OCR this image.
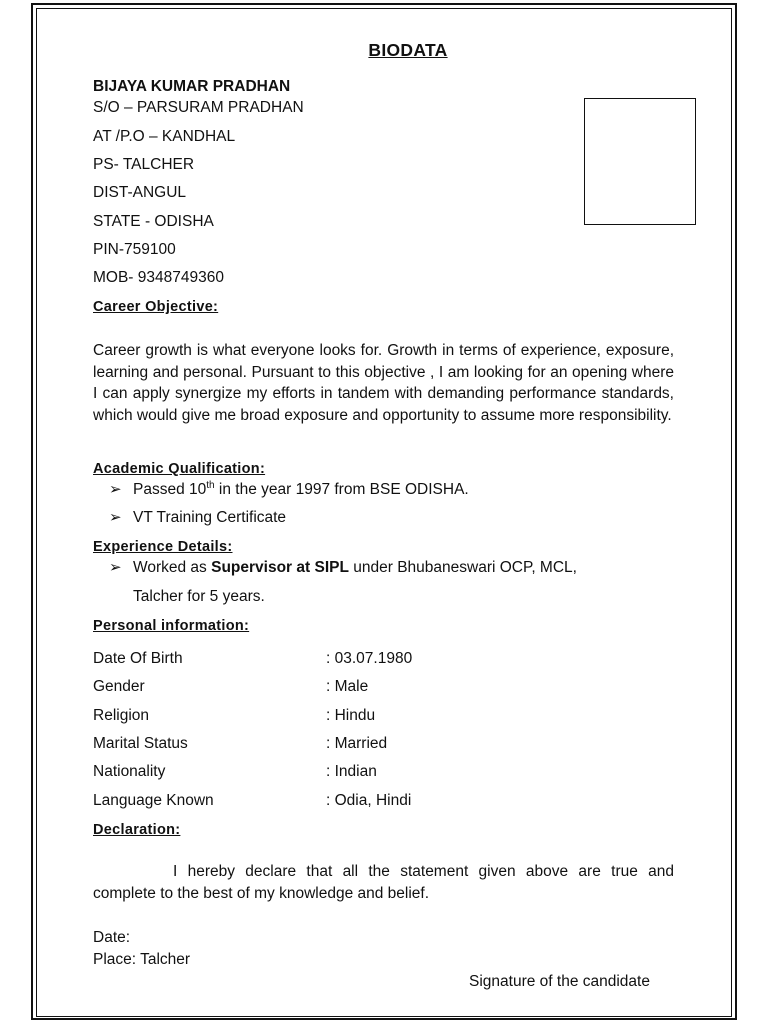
BIODATA
BIJAYA KUMAR PRADHAN
S/O – PARSURAM PRADHAN
AT /P.O – KANDHAL
PS- TALCHER
DIST-ANGUL
STATE - ODISHA
PIN-759100
MOB- 9348749360
Career Objective:
Career growth is what everyone looks for. Growth in terms of experience, exposure, learning and personal. Pursuant to this objective , I am looking for an opening where I can apply synergize my efforts in tandem with demanding performance standards, which would give me broad exposure and opportunity to assume more responsibility.
Academic Qualification:
➢ Passed 10th in the year 1997 from BSE ODISHA.
➢ VT Training Certificate
Experience Details:
➢ Worked as Supervisor at SIPL under Bhubaneswari OCP, MCL,
Talcher for 5 years.
Personal information:
Date Of Birth	: 03.07.1980
Gender	: Male
Religion	: Hindu
Marital Status	: Married
Nationality	: Indian
Language Known	: Odia, Hindi
Declaration:
I hereby declare that all the statement given above are true and complete to the best of my knowledge and belief.
Date:
Place: Talcher
Signature of the candidate
